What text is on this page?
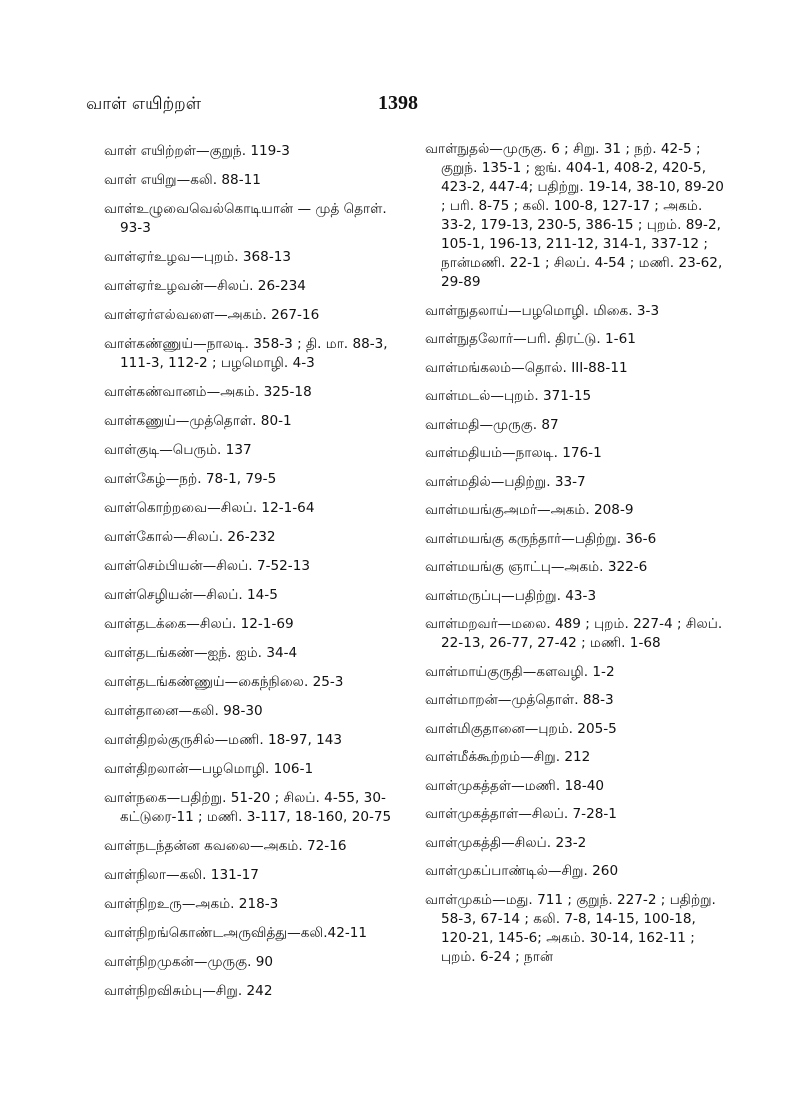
வாள் எயிற்றள்	1398
வாள் எயிற்றள்—குறுந். 119-3
வாள் எயிறு—கலி. 88-11
வாள்உழுவைவெல்கொடியான் — முத் தொள். 93-3
வாள்ஏர்உழவ—புறம். 368-13
வாள்ஏர்உழவன்—சிலப். 26-234
வாள்ஏர்எல்வளை—அகம். 267-16
வாள்கண்ணுய்—நாலடி. 358-3 ; தி. மா. 88-3, 111-3, 112-2 ; பழமொழி. 4-3
வாள்கண்வானம்—அகம். 325-18
வாள்கணுய்—முத்தொள். 80-1
வாள்குடி—பெரும். 137
வாள்கேழ்—நற். 78-1, 79-5
வாள்கொற்றவை—சிலப். 12-1-64
வாள்கோல்—சிலப். 26-232
வாள்செம்பியன்—சிலப். 7-52-13
வாள்செழியன்—சிலப். 14-5
வாள்தடக்கை—சிலப். 12-1-69
வாள்தடங்கண்—ஐந். ஐம். 34-4
வாள்தடங்கண்ணுய்—கைந்நிலை. 25-3
வாள்தானை—கலி. 98-30
வாள்திறல்குருசில்—மணி. 18-97, 143
வாள்திறலான்—பழமொழி. 106-1
வாள்நகை—பதிற்று. 51-20 ; சிலப். 4-55, 30-கட்டுரை-11 ; மணி. 3-117, 18-160, 20-75
வாள்நடந்தன்ன கவலை—அகம். 72-16
வாள்நிலா—கலி. 131-17
வாள்நிறஉரு—அகம். 218-3
வாள்நிறங்கொண்டஅருவித்து—கலி.42-11
வாள்நிறமுகன்—முருகு. 90
வாள்நிறவிசும்பு—சிறு. 242
வாள்நுதல்—முருகு. 6 ; சிறு. 31 ; நற். 42-5 ; குறுந். 135-1 ; ஐங். 404-1, 408-2, 420-5, 423-2, 447-4; பதிற்று. 19-14, 38-10, 89-20 ; பரி. 8-75 ; கலி. 100-8, 127-17 ; அகம். 33-2, 179-13, 230-5, 386-15 ; புறம். 89-2, 105-1, 196-13, 211-12, 314-1, 337-12 ; நான்மணி. 22-1 ; சிலப். 4-54 ; மணி. 23-62, 29-89
வாள்நுதலாய்—பழமொழி. மிகை. 3-3
வாள்நுதலோர்—பரி. திரட்டு. 1-61
வாள்மங்கலம்—தொல். III-88-11
வாள்மடல்—புறம். 371-15
வாள்மதி—முருகு. 87
வாள்மதியம்—நாலடி. 176-1
வாள்மதில்—பதிற்று. 33-7
வாள்மயங்குஅமர்—அகம். 208-9
வாள்மயங்கு கருந்தார்—பதிற்று. 36-6
வாள்மயங்கு ஞாட்பு—அகம். 322-6
வாள்மருப்பு—பதிற்று. 43-3
வாள்மறவர்—மலை. 489 ; புறம். 227-4 ; சிலப். 22-13, 26-77, 27-42 ; மணி. 1-68
வாள்மாய்குருதி—களவழி. 1-2
வாள்மாறன்—முத்தொள். 88-3
வாள்மிகுதானை—புறம். 205-5
வாள்மீக்கூற்றம்—சிறு. 212
வாள்முகத்தள்—மணி. 18-40
வாள்முகத்தாள்—சிலப். 7-28-1
வாள்முகத்தி—சிலப். 23-2
வாள்முகப்பாண்டில்—சிறு. 260
வாள்முகம்—மது. 711 ; குறுந். 227-2 ; பதிற்று. 58-3, 67-14 ; கலி. 7-8, 14-15, 100-18, 120-21, 145-6; அகம். 30-14, 162-11 ; புறம். 6-24 ; நான்
